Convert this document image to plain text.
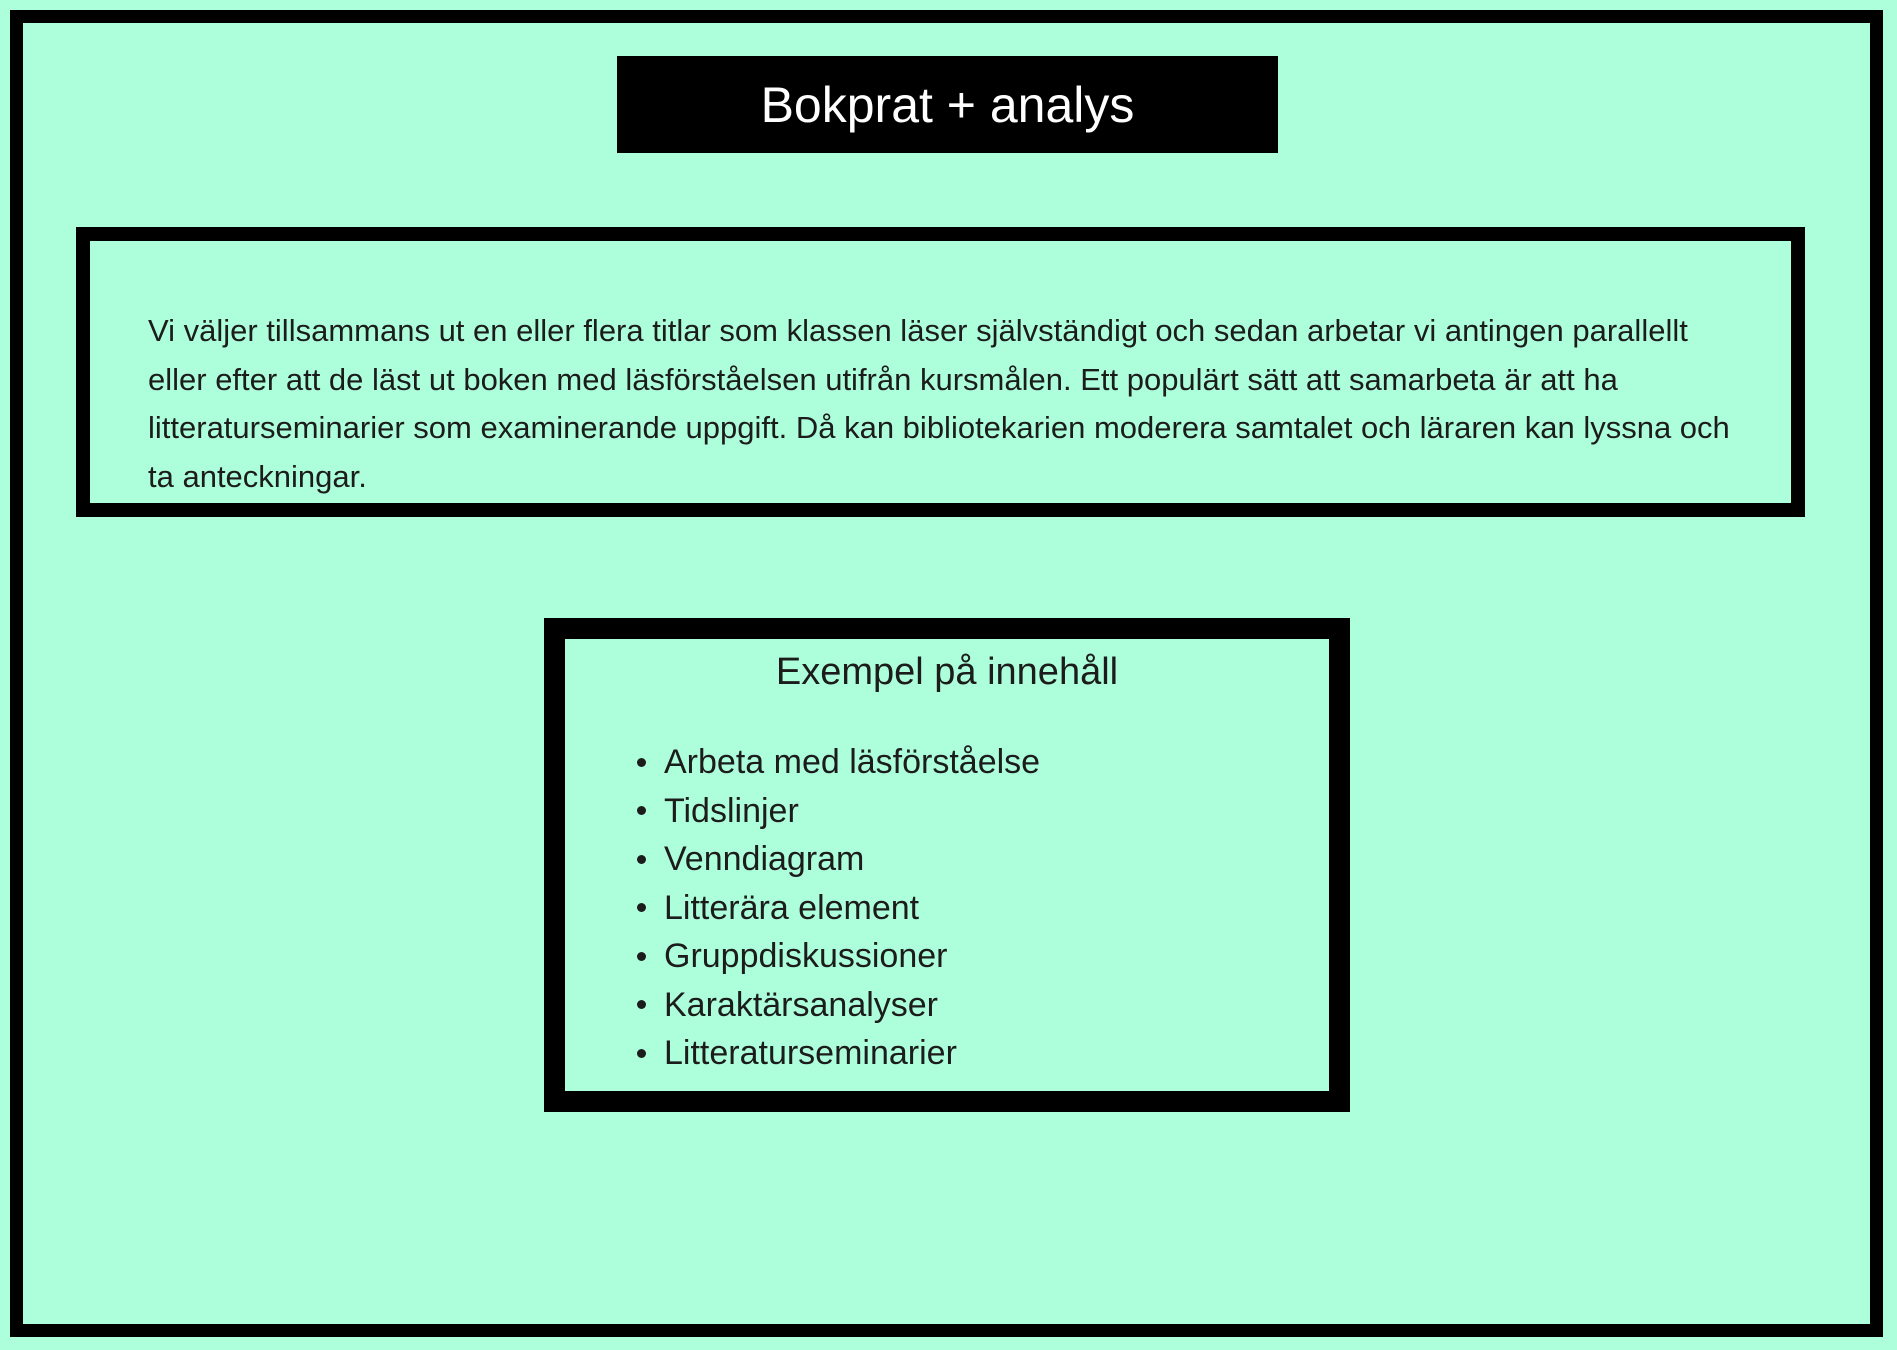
Bokprat + analys
Vi väljer tillsammans ut en eller flera titlar som klassen läser självständigt och sedan arbetar vi antingen parallellt eller efter att de läst ut boken med läsförståelsen utifrån kursmålen. Ett populärt sätt att samarbeta är att ha litteraturseminarier som examinerande uppgift. Då kan bibliotekarien moderera samtalet och läraren kan lyssna och ta anteckningar.
Exempel på innehåll
Arbeta med läsförståelse
Tidslinjer
Venndiagram
Litterära element
Gruppdiskussioner
Karaktärsanalyser
Litteraturseminarier
